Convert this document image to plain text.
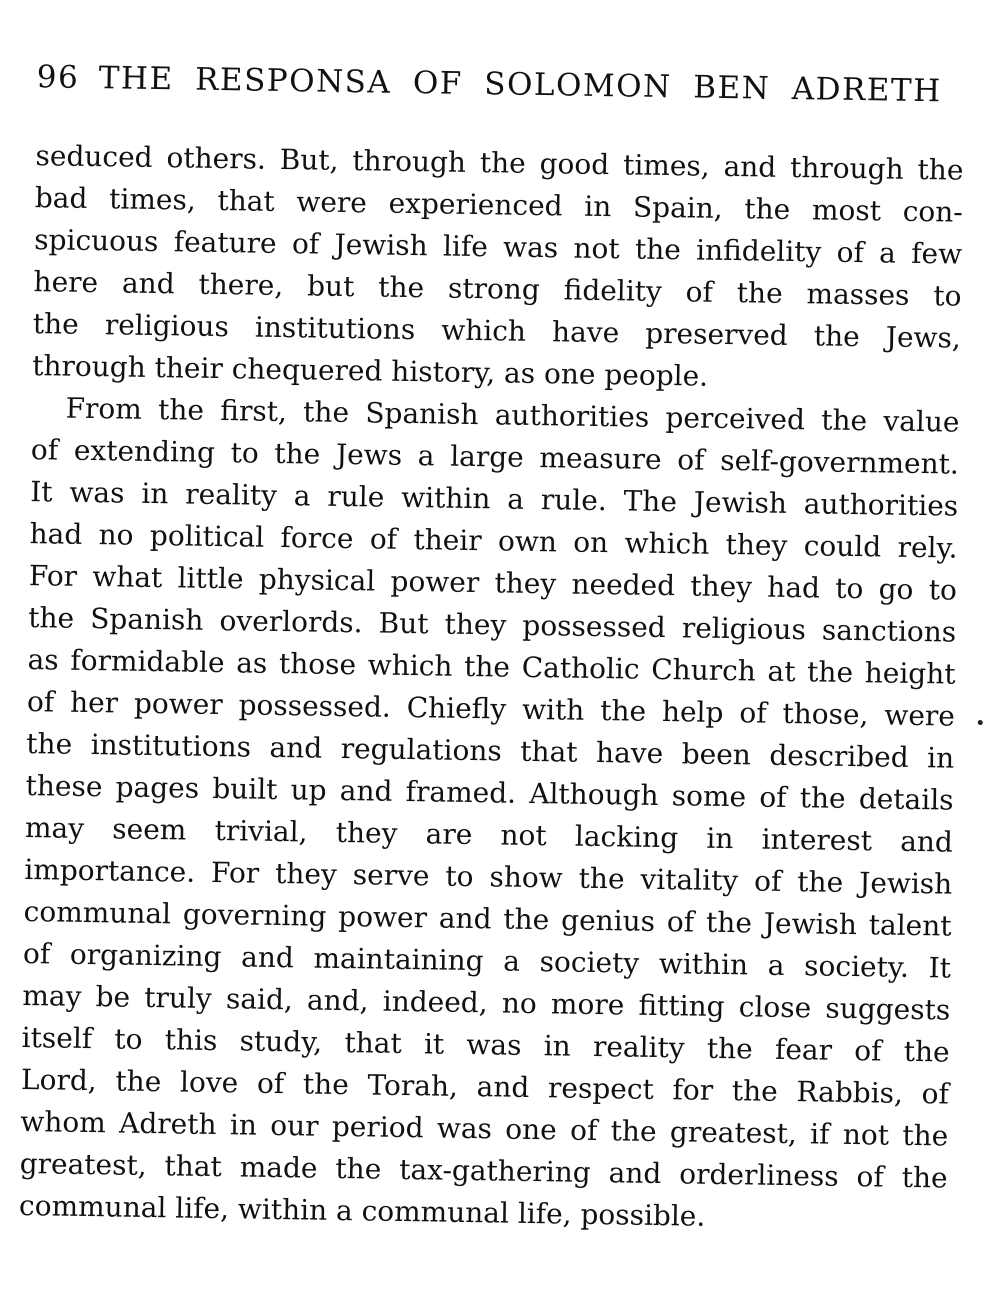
96 THE RESPONSA OF SOLOMON BEN ADRETH
seduced others. But, through the good times, and through the
bad times, that were experienced in Spain, the most con-
spicuous feature of Jewish life was not the infidelity of a few
here and there, but the strong fidelity of the masses to
the religious institutions which have preserved the Jews,
through their chequered history, as one people.
From the first, the Spanish authorities perceived the value
of extending to the Jews a large measure of self-government.
It was in reality a rule within a rule. The Jewish authorities
had no political force of their own on which they could rely.
For what little physical power they needed they had to go to
the Spanish overlords. But they possessed religious sanctions
as formidable as those which the Catholic Church at the height
of her power possessed. Chiefly with the help of those, were
the institutions and regulations that have been described in
these pages built up and framed. Although some of the details
may seem trivial, they are not lacking in interest and
importance. For they serve to show the vitality of the Jewish
communal governing power and the genius of the Jewish talent
of organizing and maintaining a society within a society. It
may be truly said, and, indeed, no more fitting close suggests
itself to this study, that it was in reality the fear of the
Lord, the love of the Torah, and respect for the Rabbis, of
whom Adreth in our period was one of the greatest, if not the
greatest, that made the tax-gathering and orderliness of the
communal life, within a communal life, possible.
